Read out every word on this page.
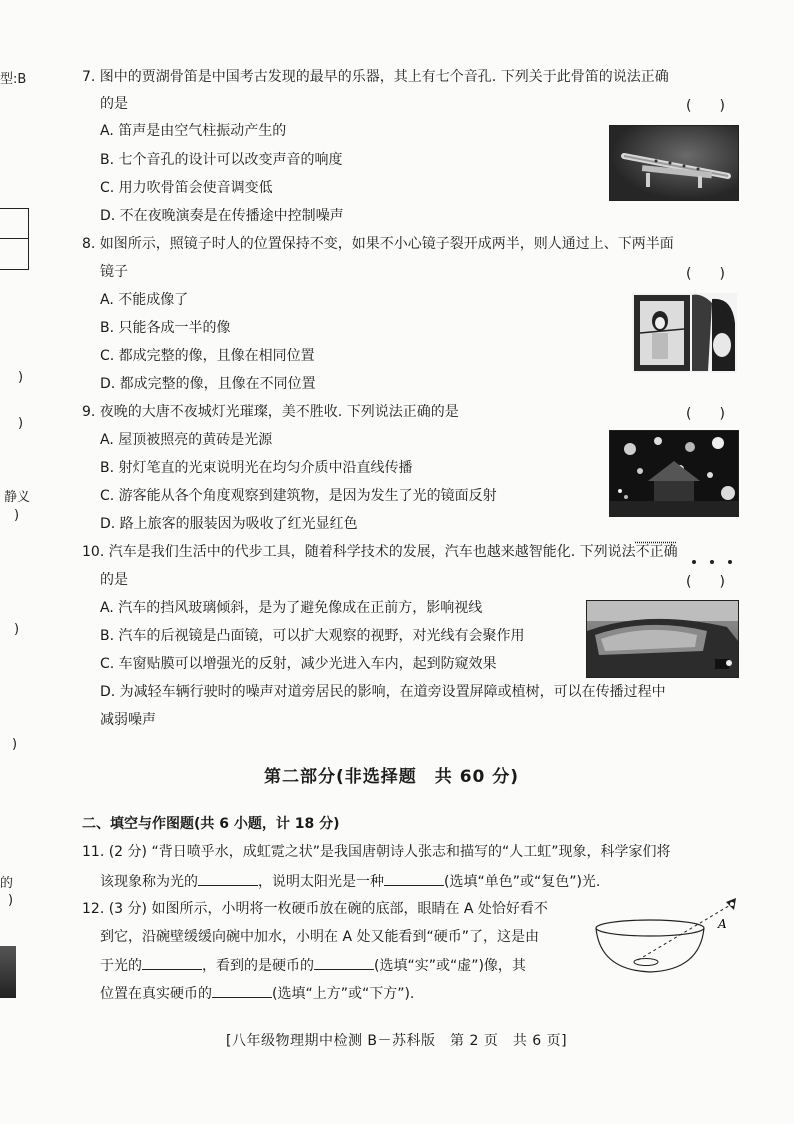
型:B
)
)
静义
)
)
)
的
)
7. 图中的贾湖骨笛是中国考古发现的最早的乐器，其上有七个音孔. 下列关于此骨笛的说法正确
的是	(　　)
A. 笛声是由空气柱振动产生的
B. 七个音孔的设计可以改变声音的响度
C. 用力吹骨笛会使音调变低
D. 不在夜晚演奏是在传播途中控制噪声
8. 如图所示，照镜子时人的位置保持不变，如果不小心镜子裂开成两半，则人通过上、下两半面
镜子	(　　)
A. 不能成像了
B. 只能各成一半的像
C. 都成完整的像，且像在相同位置
D. 都成完整的像，且像在不同位置
9. 夜晚的大唐不夜城灯光璀璨，美不胜收. 下列说法正确的是	(　　)
A. 屋顶被照亮的黄砖是光源
B. 射灯笔直的光束说明光在均匀介质中沿直线传播
C. 游客能从各个角度观察到建筑物，是因为发生了光的镜面反射
D. 路上旅客的服装因为吸收了红光显红色
10. 汽车是我们生活中的代步工具，随着科学技术的发展，汽车也越来越智能化. 下列说法不正确
的是	(　　)
A. 汽车的挡风玻璃倾斜，是为了避免像成在正前方，影响视线
B. 汽车的后视镜是凸面镜，可以扩大观察的视野，对光线有会聚作用
C. 车窗贴膜可以增强光的反射，减少光进入车内，起到防窥效果
D. 为减轻车辆行驶时的噪声对道旁居民的影响，在道旁设置屏障或植树，可以在传播过程中
减弱噪声
第二部分(非选择题　共 60 分)
二、填空与作图题(共 6 小题，计 18 分)
11. (2 分) “背日喷乎水，成虹霓之状”是我国唐朝诗人张志和描写的“人工虹”现象，科学家们将
该现象称为光的	，说明太阳光是一种	(选填“单色”或“复色”)光.
12. (3 分) 如图所示，小明将一枚硬币放在碗的底部，眼睛在 A 处恰好看不
到它，沿碗壁缓缓向碗中加水，小明在 A 处又能看到“硬币”了，这是由
于光的	，看到的是硬币的	(选填“实”或“虚”)像，其
位置在真实硬币的	(选填“上方”或“下方”).
A
[八年级物理期中检测 B－苏科版　第 2 页　共 6 页]
